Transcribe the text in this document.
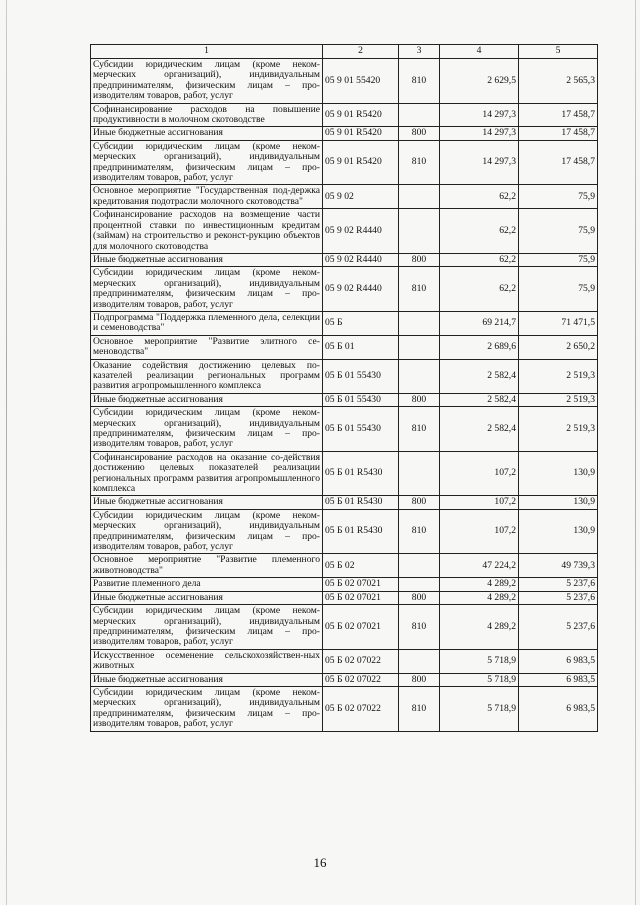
1	2	3	4	5
Субсидии юридическим лицам (кроме неком-мерческих организаций), индивидуальным предпринимателям, физическим лицам – про-изводителям товаров, работ, услуг	05 9 01 55420	810	2 629,5	2 565,3
Софинансирование расходов на повышение продуктивности в молочном скотоводстве	05 9 01 R5420		14 297,3	17 458,7
Иные бюджетные ассигнования	05 9 01 R5420	800	14 297,3	17 458,7
Субсидии юридическим лицам (кроме неком-мерческих организаций), индивидуальным предпринимателям, физическим лицам – про-изводителям товаров, работ, услуг	05 9 01 R5420	810	14 297,3	17 458,7
Основное мероприятие "Государственная под-держка кредитования подотрасли молочного скотоводства"	05 9 02		62,2	75,9
Софинансирование расходов на возмещение части процентной ставки по инвестиционным кредитам (займам) на строительство и реконст-рукцию объектов для молочного скотоводства	05 9 02 R4440		62,2	75,9
Иные бюджетные ассигнования	05 9 02 R4440	800	62,2	75,9
Субсидии юридическим лицам (кроме неком-мерческих организаций), индивидуальным предпринимателям, физическим лицам – про-изводителям товаров, работ, услуг	05 9 02 R4440	810	62,2	75,9
Подпрограмма "Поддержка племенного дела, селекции и семеноводства"	05 Б		69 214,7	71 471,5
Основное мероприятие "Развитие элитного се-меноводства"	05 Б 01		2 689,6	2 650,2
Оказание содействия достижению целевых по-казателей реализации региональных программ развития агропромышленного комплекса	05 Б 01 55430		2 582,4	2 519,3
Иные бюджетные ассигнования	05 Б 01 55430	800	2 582,4	2 519,3
Субсидии юридическим лицам (кроме неком-мерческих организаций), индивидуальным предпринимателям, физическим лицам – про-изводителям товаров, работ, услуг	05 Б 01 55430	810	2 582,4	2 519,3
Софинансирование расходов на оказание со-действия достижению целевых показателей реализации региональных программ развития агропромышленного комплекса	05 Б 01 R5430		107,2	130,9
Иные бюджетные ассигнования	05 Б 01 R5430	800	107,2	130,9
Субсидии юридическим лицам (кроме неком-мерческих организаций), индивидуальным предпринимателям, физическим лицам – про-изводителям товаров, работ, услуг	05 Б 01 R5430	810	107,2	130,9
Основное мероприятие "Развитие племенного животноводства"	05 Б 02		47 224,2	49 739,3
Развитие племенного дела	05 Б 02 07021		4 289,2	5 237,6
Иные бюджетные ассигнования	05 Б 02 07021	800	4 289,2	5 237,6
Субсидии юридическим лицам (кроме неком-мерческих организаций), индивидуальным предпринимателям, физическим лицам – про-изводителям товаров, работ, услуг	05 Б 02 07021	810	4 289,2	5 237,6
Искусственное осеменение сельскохозяйствен-ных животных	05 Б 02 07022		5 718,9	6 983,5
Иные бюджетные ассигнования	05 Б 02 07022	800	5 718,9	6 983,5
Субсидии юридическим лицам (кроме неком-мерческих организаций), индивидуальным предпринимателям, физическим лицам – про-изводителям товаров, работ, услуг	05 Б 02 07022	810	5 718,9	6 983,5
16
